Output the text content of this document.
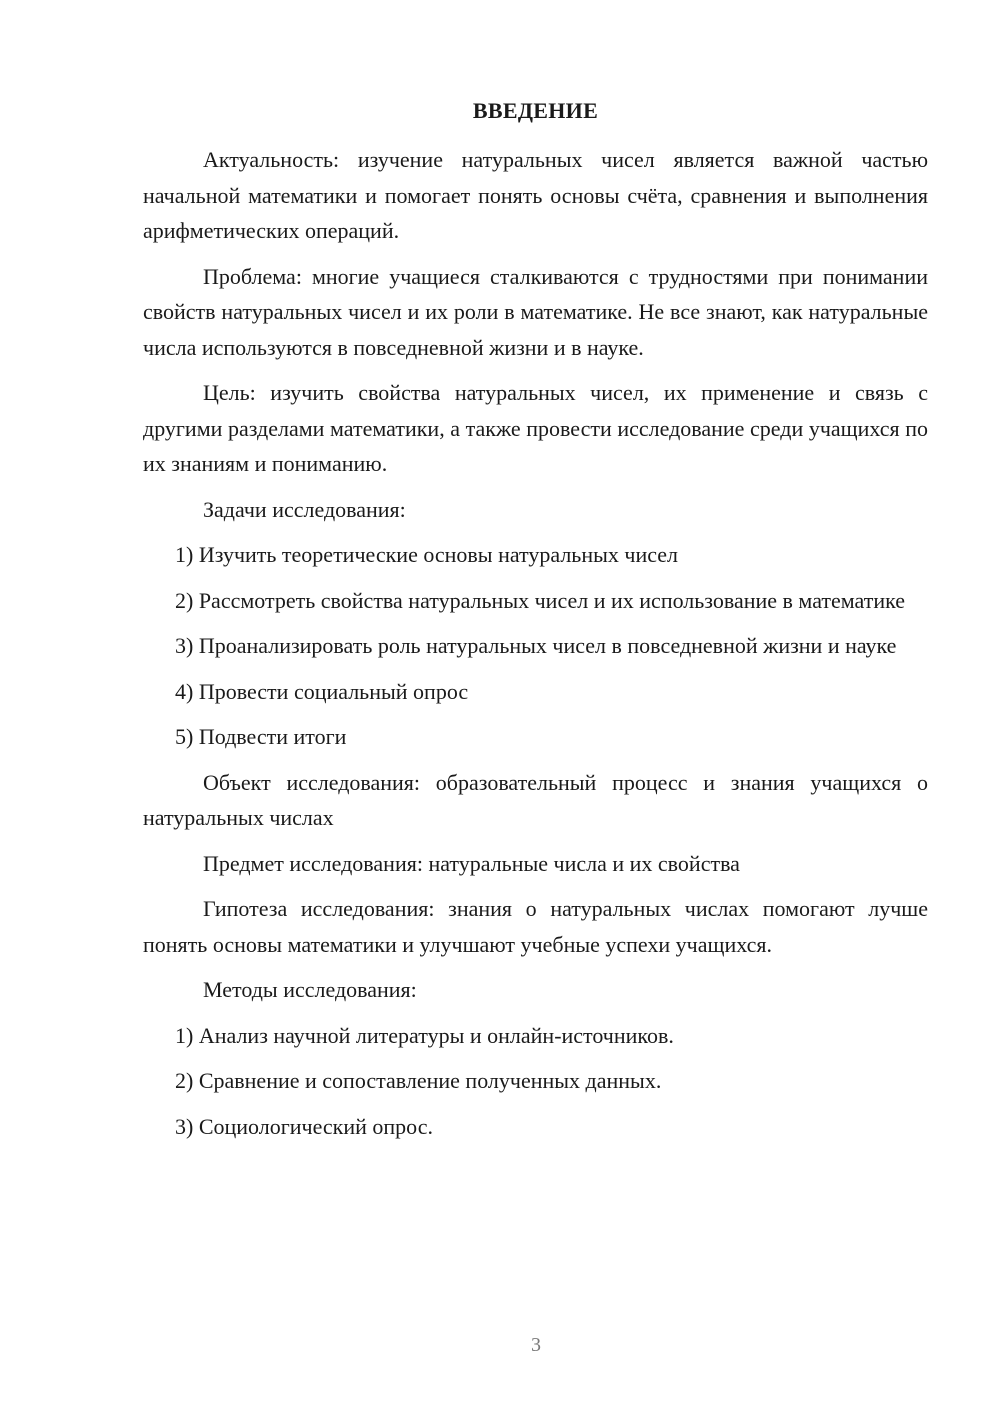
ВВЕДЕНИЕ

Актуальность: изучение натуральных чисел является важной частью начальной математики и помогает понять основы счёта, сравнения и выполнения арифметических операций.

Проблема: многие учащиеся сталкиваются с трудностями при понимании свойств натуральных чисел и их роли в математике. Не все знают, как натуральные числа используются в повседневной жизни и в науке.

Цель: изучить свойства натуральных чисел, их применение и связь с другими разделами математики, а также провести исследование среди учащихся по их знаниям и пониманию.

Задачи исследования:

1) Изучить теоретические основы натуральных чисел

2) Рассмотреть свойства натуральных чисел и их использование в математике

3) Проанализировать роль натуральных чисел в повседневной жизни и науке

4) Провести социальный опрос

5) Подвести итоги

Объект исследования: образовательный процесс и знания учащихся о натуральных числах

Предмет исследования: натуральные числа и их свойства

Гипотеза исследования: знания о натуральных числах помогают лучше понять основы математики и улучшают учебные успехи учащихся.

Методы исследования:

1) Анализ научной литературы и онлайн-источников.

2) Сравнение и сопоставление полученных данных.

3) Социологический опрос.

3
